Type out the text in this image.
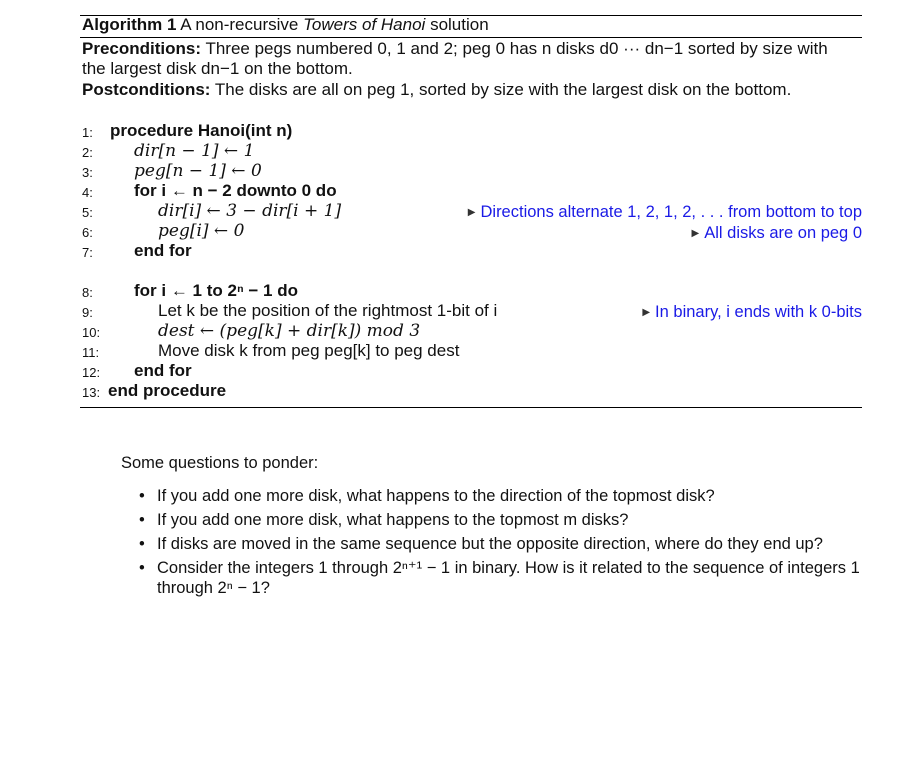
Algorithm 1 A non-recursive Towers of Hanoi solution
Preconditions: Three pegs numbered 0, 1 and 2; peg 0 has n disks d0 ··· dn−1 sorted by size with
the largest disk dn−1 on the bottom.
Postconditions: The disks are all on peg 1, sorted by size with the largest disk on the bottom.
1:	procedure Hanoi(int n)
2:	dir[n − 1] ← 1
3:	peg[n − 1] ← 0
4:	for i ← n − 2 downto 0 do
5:	dir[i] ← 3 − dir[i + 1]	▶ Directions alternate 1, 2, 1, 2, . . . from bottom to top
6:	peg[i] ← 0	▶ All disks are on peg 0
7:	end for
8:	for i ← 1 to 2ⁿ − 1 do
9:	Let k be the position of the rightmost 1-bit of i	▶ In binary, i ends with k 0-bits
10:	dest ← (peg[k] + dir[k]) mod 3
11:	Move disk k from peg peg[k] to peg dest
12:	end for
13: end procedure
Some questions to ponder:
• If you add one more disk, what happens to the direction of the topmost disk?
• If you add one more disk, what happens to the topmost m disks?
• If disks are moved in the same sequence but the opposite direction, where do they end up?
• Consider the integers 1 through 2ⁿ⁺¹ − 1 in binary. How is it related to the sequence of integers 1 through 2ⁿ − 1?
